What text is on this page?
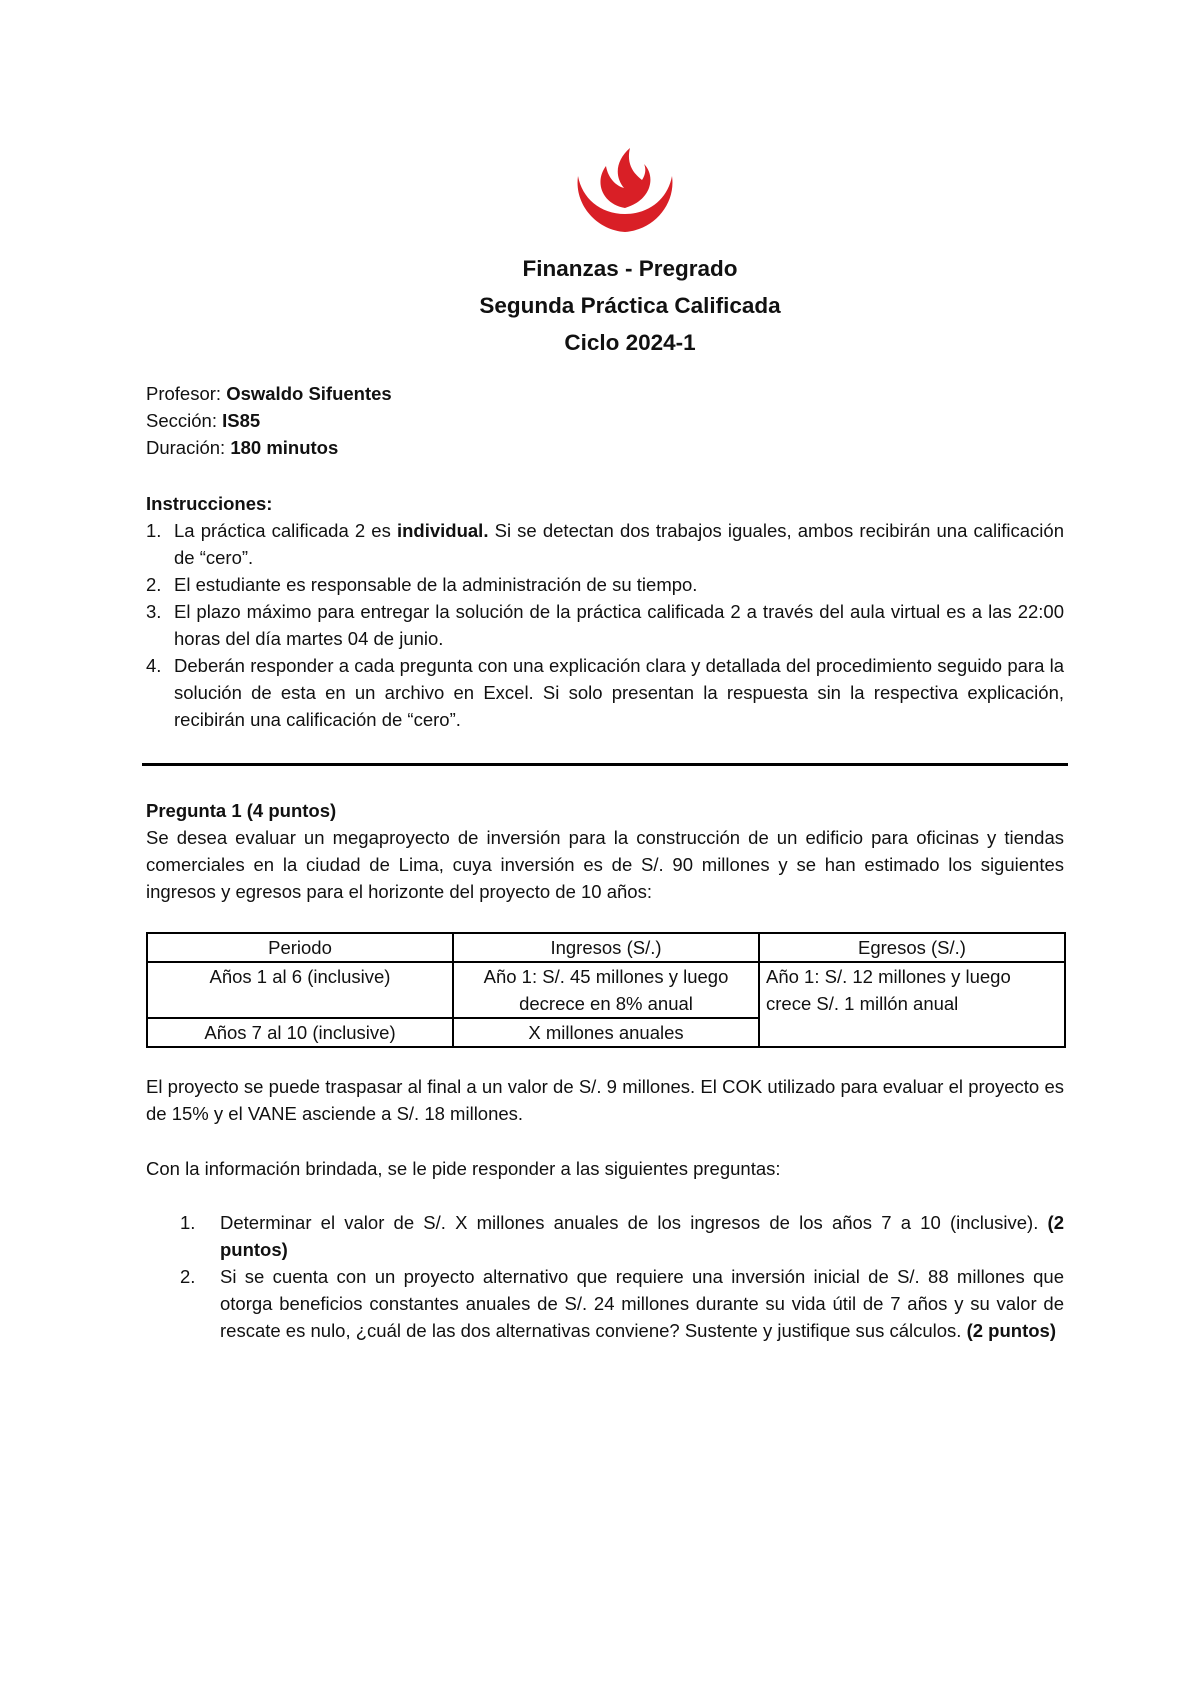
Finanzas - Pregrado
Segunda Práctica Calificada
Ciclo 2024-1
Profesor: Oswaldo Sifuentes
Sección: IS85
Duración: 180 minutos
Instrucciones:
1. La práctica calificada 2 es individual. Si se detectan dos trabajos iguales, ambos recibirán una calificación de “cero”.
2. El estudiante es responsable de la administración de su tiempo.
3. El plazo máximo para entregar la solución de la práctica calificada 2 a través del aula virtual es a las 22:00 horas del día martes 04 de junio.
4. Deberán responder a cada pregunta con una explicación clara y detallada del procedimiento seguido para la solución de esta en un archivo en Excel. Si solo presentan la respuesta sin la respectiva explicación, recibirán una calificación de “cero”.
Pregunta 1 (4 puntos)
Se desea evaluar un megaproyecto de inversión para la construcción de un edificio para oficinas y tiendas comerciales en la ciudad de Lima, cuya inversión es de S/. 90 millones y se han estimado los siguientes ingresos y egresos para el horizonte del proyecto de 10 años:
Periodo	Ingresos (S/.)	Egresos (S/.)
Años 1 al 6 (inclusive)	Año 1: S/. 45 millones y luego decrece en 8% anual	Año 1: S/. 12 millones y luego crece S/. 1 millón anual
Años 7 al 10 (inclusive)	X millones anuales	
El proyecto se puede traspasar al final a un valor de S/. 9 millones. El COK utilizado para evaluar el proyecto es de 15% y el VANE asciende a S/. 18 millones.
Con la información brindada, se le pide responder a las siguientes preguntas:
1. Determinar el valor de S/. X millones anuales de los ingresos de los años 7 a 10 (inclusive). (2 puntos)
2. Si se cuenta con un proyecto alternativo que requiere una inversión inicial de S/. 88 millones que otorga beneficios constantes anuales de S/. 24 millones durante su vida útil de 7 años y su valor de rescate es nulo, ¿cuál de las dos alternativas conviene? Sustente y justifique sus cálculos. (2 puntos)
